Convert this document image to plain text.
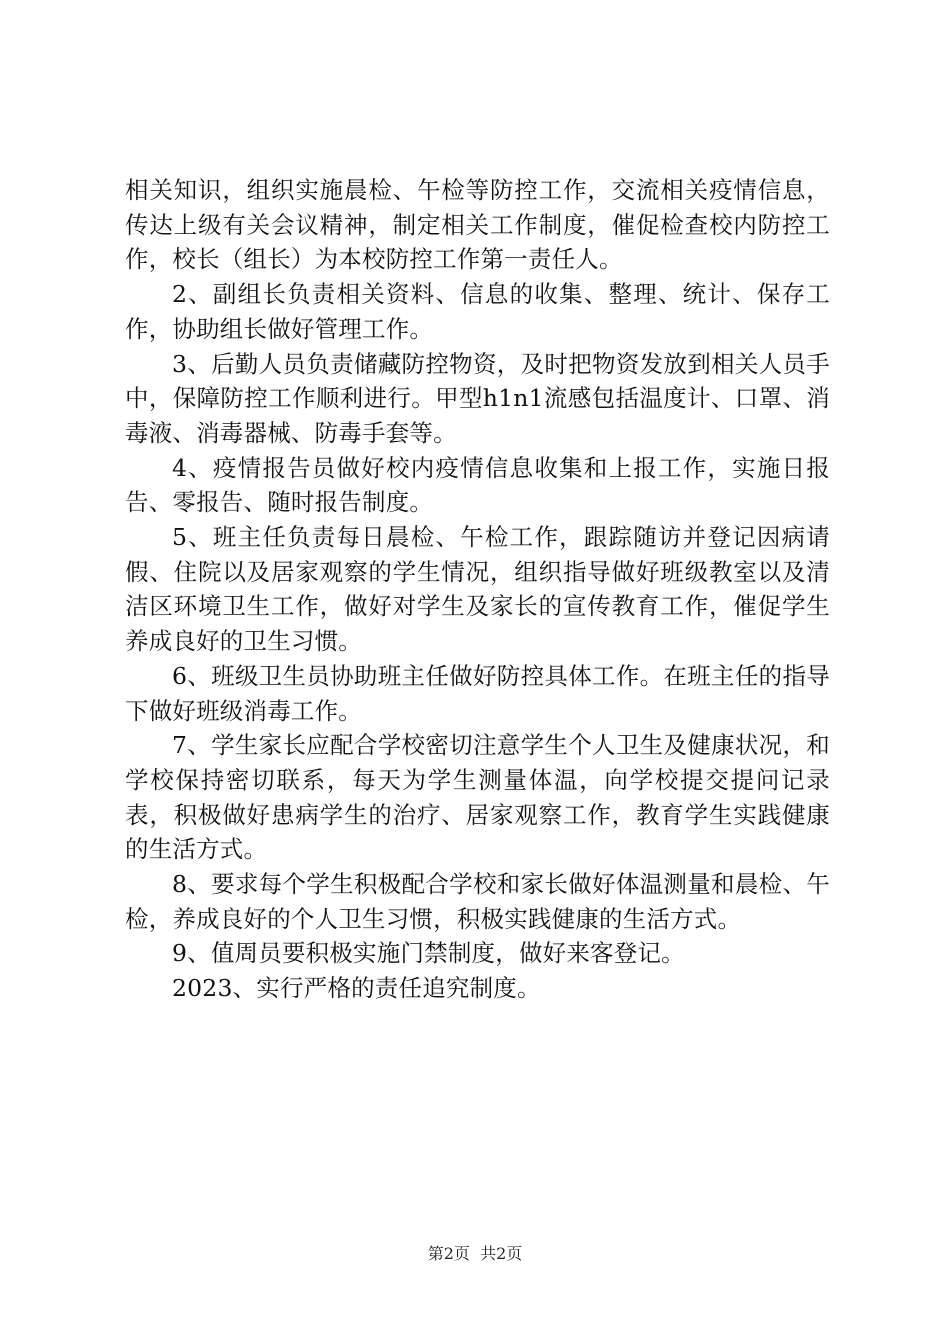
相关知识，组织实施晨检、午检等防控工作，交流相关疫情信息，传达上级有关会议精神，制定相关工作制度，催促检查校内防控工作，校长（组长）为本校防控工作第一责任人。

2、副组长负责相关资料、信息的收集、整理、统计、保存工作，协助组长做好管理工作。

3、后勤人员负责储藏防控物资，及时把物资发放到相关人员手中，保障防控工作顺利进行。甲型h1n1流感包括温度计、口罩、消毒液、消毒器械、防毒手套等。

4、疫情报告员做好校内疫情信息收集和上报工作，实施日报告、零报告、随时报告制度。

5、班主任负责每日晨检、午检工作，跟踪随访并登记因病请假、住院以及居家观察的学生情况，组织指导做好班级教室以及清洁区环境卫生工作，做好对学生及家长的宣传教育工作，催促学生养成良好的卫生习惯。

6、班级卫生员协助班主任做好防控具体工作。在班主任的指导下做好班级消毒工作。

7、学生家长应配合学校密切注意学生个人卫生及健康状况，和学校保持密切联系，每天为学生测量体温，向学校提交提问记录表，积极做好患病学生的治疗、居家观察工作，教育学生实践健康的生活方式。

8、要求每个学生积极配合学校和家长做好体温测量和晨检、午检，养成良好的个人卫生习惯，积极实践健康的生活方式。

9、值周员要积极实施门禁制度，做好来客登记。

2023、实行严格的责任追究制度。

第2页 共2页
